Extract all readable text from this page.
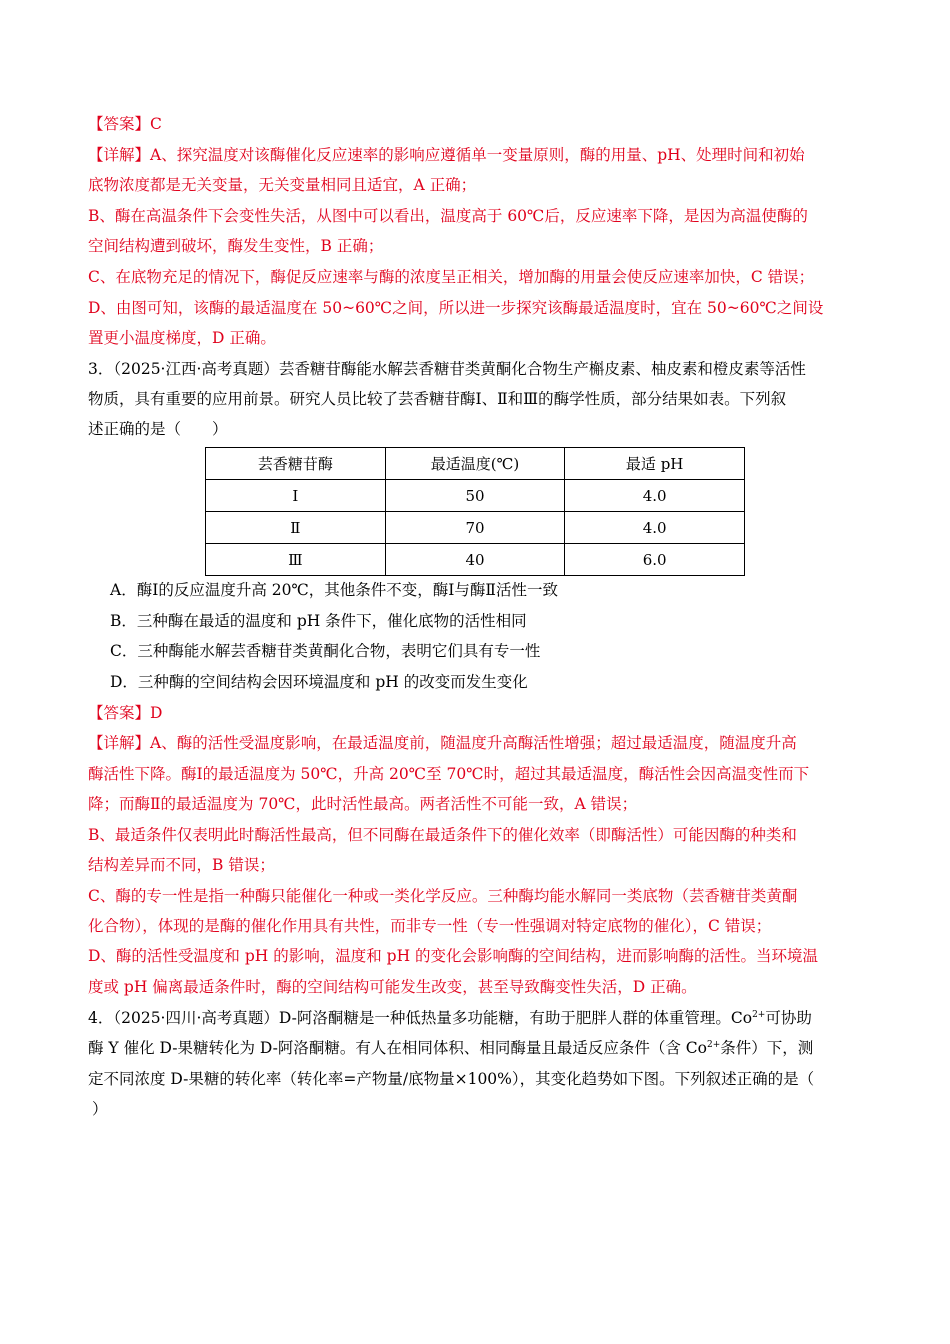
【答案】C
【详解】A、探究温度对该酶催化反应速率的影响应遵循单一变量原则，酶的用量、pH、处理时间和初始
底物浓度都是无关变量，无关变量相同且适宜，A 正确；
B、酶在高温条件下会变性失活，从图中可以看出，温度高于 60℃后，反应速率下降，是因为高温使酶的
空间结构遭到破坏，酶发生变性，B 正确；
C、在底物充足的情况下，酶促反应速率与酶的浓度呈正相关，增加酶的用量会使反应速率加快，C 错误；
D、由图可知，该酶的最适温度在 50~60℃之间，所以进一步探究该酶最适温度时，宜在 50~60℃之间设
置更小温度梯度，D 正确。
3．（2025·江西·高考真题）芸香糖苷酶能水解芸香糖苷类黄酮化合物生产槲皮素、柚皮素和橙皮素等活性
物质，具有重要的应用前景。研究人员比较了芸香糖苷酶Ⅰ、Ⅱ和Ⅲ的酶学性质，部分结果如表。下列叙
述正确的是（　　）
芸香糖苷酶	最适温度(℃)	最适 pH
Ⅰ	50	4.0
Ⅱ	70	4.0
Ⅲ	40	6.0
A．酶Ⅰ的反应温度升高 20℃，其他条件不变，酶Ⅰ与酶Ⅱ活性一致
B．三种酶在最适的温度和 pH 条件下，催化底物的活性相同
C．三种酶能水解芸香糖苷类黄酮化合物，表明它们具有专一性
D．三种酶的空间结构会因环境温度和 pH 的改变而发生变化
【答案】D
【详解】A、酶的活性受温度影响，在最适温度前，随温度升高酶活性增强；超过最适温度，随温度升高
酶活性下降。酶Ⅰ的最适温度为 50℃，升高 20℃至 70℃时，超过其最适温度，酶活性会因高温变性而下
降；而酶Ⅱ的最适温度为 70℃，此时活性最高。两者活性不可能一致，A 错误；
B、最适条件仅表明此时酶活性最高，但不同酶在最适条件下的催化效率（即酶活性）可能因酶的种类和
结构差异而不同，B 错误；
C、酶的专一性是指一种酶只能催化一种或一类化学反应。三种酶均能水解同一类底物（芸香糖苷类黄酮
化合物），体现的是酶的催化作用具有共性，而非专一性（专一性强调对特定底物的催化），C 错误；
D、酶的活性受温度和 pH 的影响，温度和 pH 的变化会影响酶的空间结构，进而影响酶的活性。当环境温
度或 pH 偏离最适条件时，酶的空间结构可能发生改变，甚至导致酶变性失活，D 正确。
4．（2025·四川·高考真题）D-阿洛酮糖是一种低热量多功能糖，有助于肥胖人群的体重管理。$Co^{2+}$可协助
酶 Y 催化 D-果糖转化为 D-阿洛酮糖。有人在相同体积、相同酶量且最适反应条件（含 $Co^{2+}$条件）下，测
定不同浓度 D-果糖的转化率（转化率=产物量/底物量×100%），其变化趋势如下图。下列叙述正确的是（
）
